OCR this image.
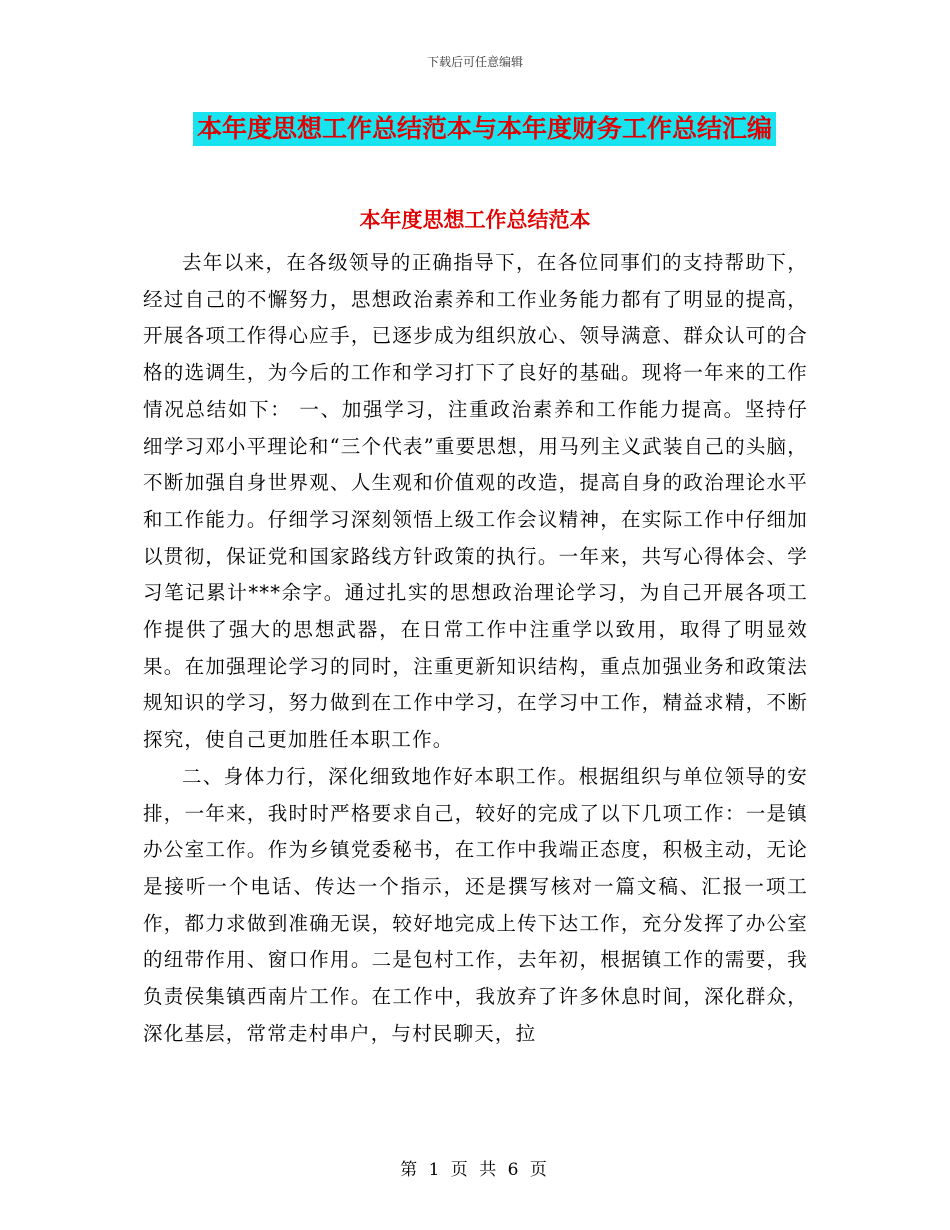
下载后可任意编辑
本年度思想工作总结范本与本年度财务工作总结汇编
本年度思想工作总结范本

去年以来，在各级领导的正确指导下，在各位同事们的支持帮助下，经过自己的不懈努力，思想政治素养和工作业务能力都有了明显的提高，开展各项工作得心应手，已逐步成为组织放心、领导满意、群众认可的合格的选调生，为今后的工作和学习打下了良好的基础。现将一年来的工作情况总结如下： 一、加强学习，注重政治素养和工作能力提高。坚持仔细学习邓小平理论和“三个代表”重要思想，用马列主义武装自己的头脑，不断加强自身世界观、人生观和价值观的改造，提高自身的政治理论水平和工作能力。仔细学习深刻领悟上级工作会议精神，在实际工作中仔细加以贯彻，保证党和国家路线方针政策的执行。一年来，共写心得体会、学习笔记累计***余字。通过扎实的思想政治理论学习，为自己开展各项工作提供了强大的思想武器，在日常工作中注重学以致用，取得了明显效果。在加强理论学习的同时，注重更新知识结构，重点加强业务和政策法规知识的学习，努力做到在工作中学习，在学习中工作，精益求精，不断探究，使自己更加胜任本职工作。

二、身体力行，深化细致地作好本职工作。根据组织与单位领导的安排，一年来，我时时严格要求自己，较好的完成了以下几项工作：一是镇办公室工作。作为乡镇党委秘书，在工作中我端正态度，积极主动，无论是接听一个电话、传达一个指示，还是撰写核对一篇文稿、汇报一项工作，都力求做到准确无误，较好地完成上传下达工作，充分发挥了办公室的纽带作用、窗口作用。二是包村工作，去年初，根据镇工作的需要，我负责侯集镇西南片工作。在工作中，我放弃了许多休息时间，深化群众，深化基层，常常走村串户，与村民聊天，拉

第 1 页 共 6 页
